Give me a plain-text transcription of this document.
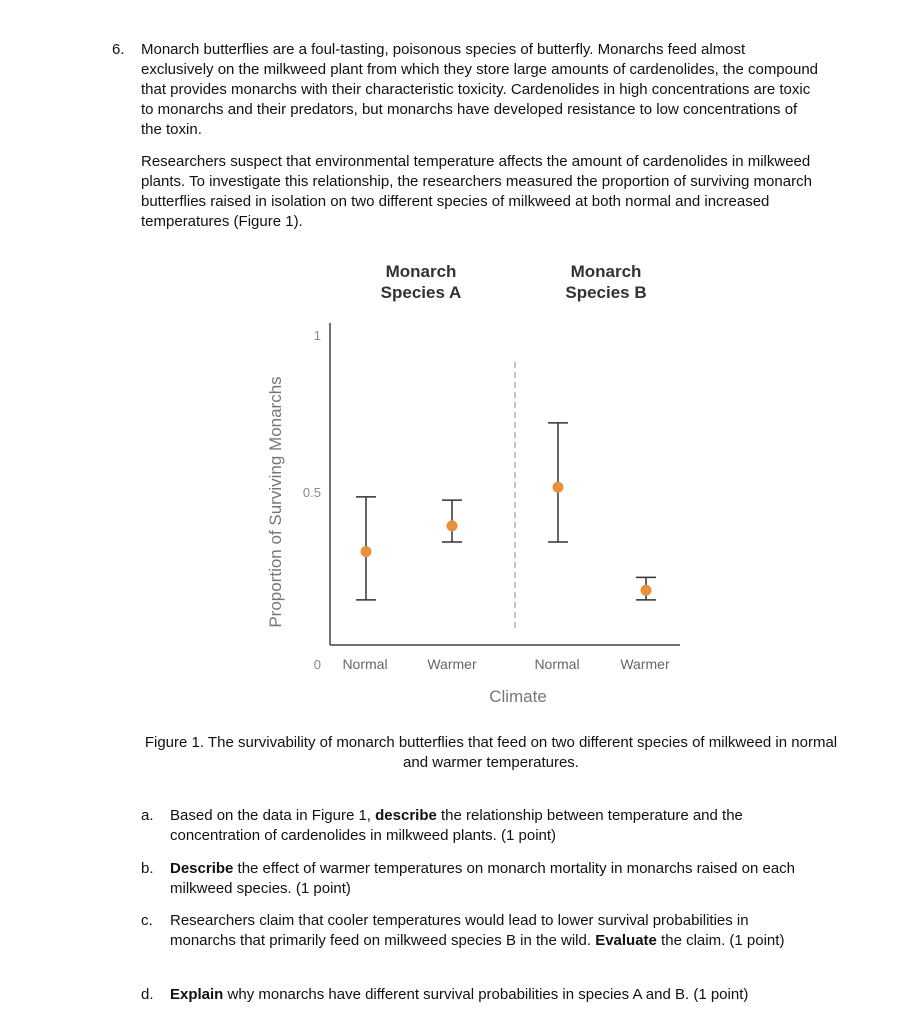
6. Monarch butterflies are a foul-tasting, poisonous species of butterfly. Monarchs feed almost exclusively on the milkweed plant from which they store large amounts of cardenolides, the compound that provides monarchs with their characteristic toxicity. Cardenolides in high concentrations are toxic to monarchs and their predators, but monarchs have developed resistance to low concentrations of the toxin.

Researchers suspect that environmental temperature affects the amount of cardenolides in milkweed plants. To investigate this relationship, the researchers measured the proportion of surviving monarch butterflies raised in isolation on two different species of milkweed at both normal and increased temperatures (Figure 1).

Monarch
Species A
Monarch
Species B
1
0.5
0
Proportion of Surviving Monarchs
Climate
Normal	Warmer	Normal	Warmer
Figure 1. The survivability of monarch butterflies that feed on two different species of milkweed in normal and warmer temperatures.
a. Based on the data in Figure 1, describe the relationship between temperature and the concentration of cardenolides in milkweed plants. (1 point)
b. Describe the effect of warmer temperatures on monarch mortality in monarchs raised on each milkweed species. (1 point)
c. Researchers claim that cooler temperatures would lead to lower survival probabilities in monarchs that primarily feed on milkweed species B in the wild. Evaluate the claim. (1 point)
d. Explain why monarchs have different survival probabilities in species A and B. (1 point)
